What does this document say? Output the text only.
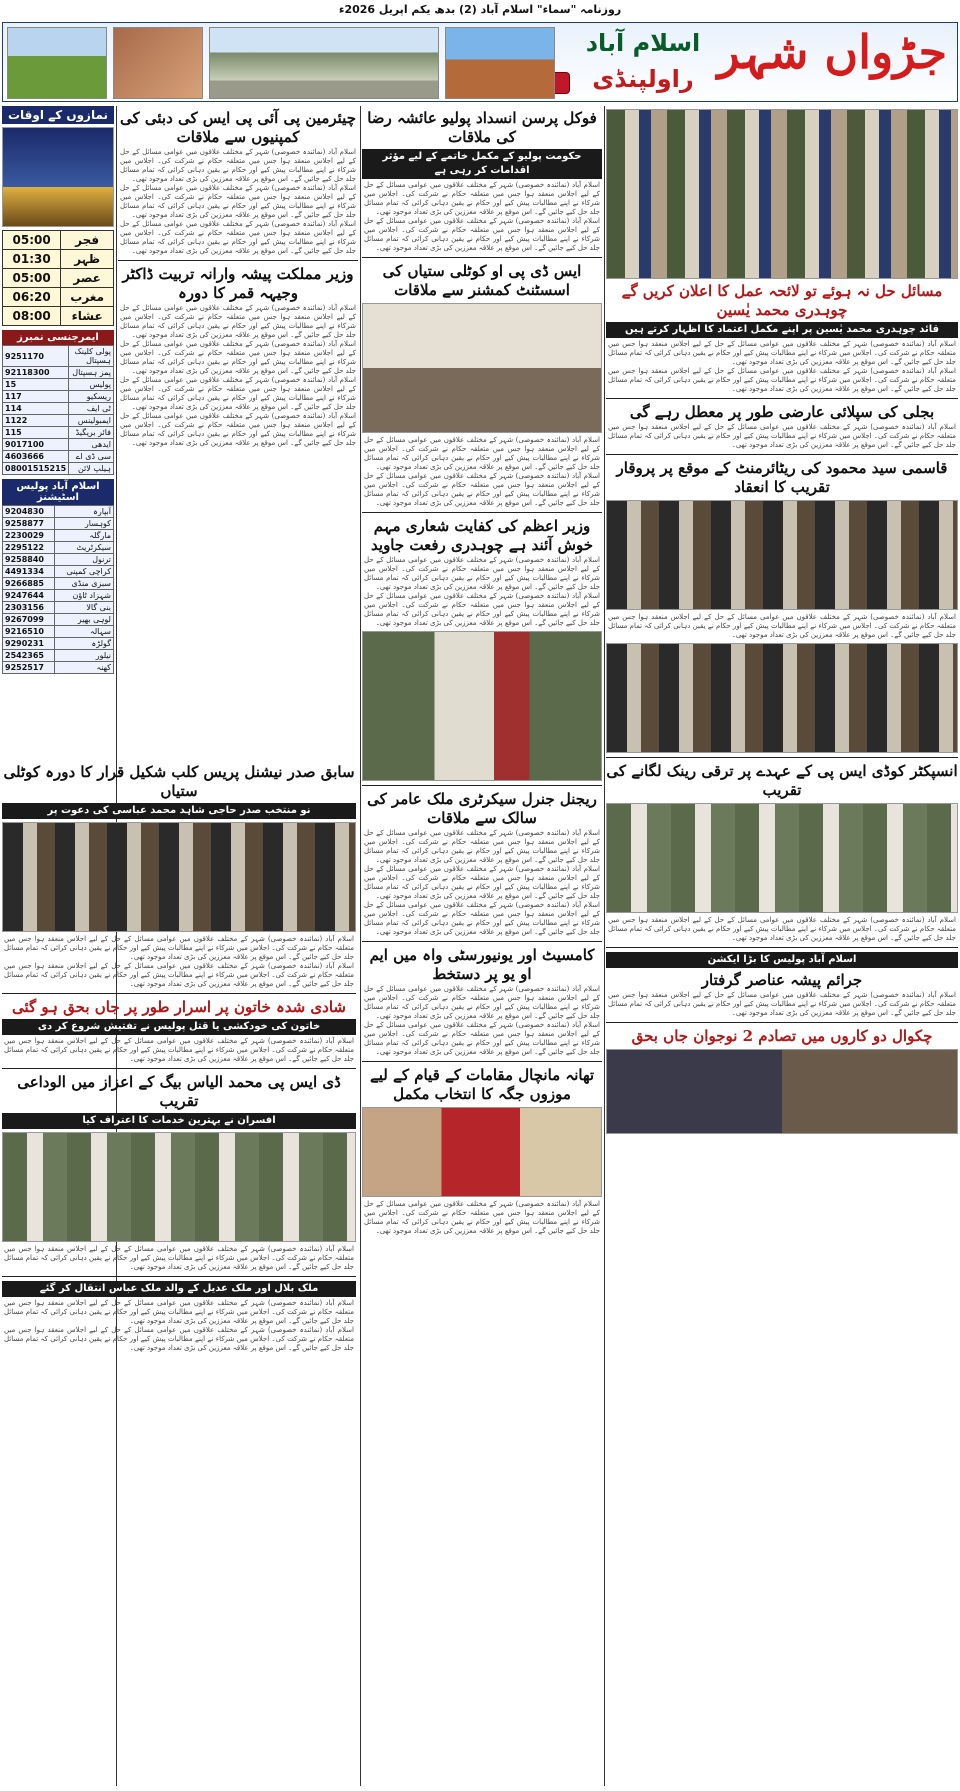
روزنامہ "سماء" اسلام آباد (2) بدھ یکم اپریل 2026ء
اسلام آباد
راولپنڈی جڑواں شہر
نمازوں کے اوقات
فجر	05:00
ظہر	01:30
عصر	05:00
مغرب	06:20
عشاء	08:00
ایمرجنسی نمبرز
پولی کلینک ہسپتال	9251170
پمز ہسپتال	92118300
پولیس	15
ریسکیو	117
ٹی ایف	114
ایمبولینس	1122
فائر بریگیڈ	115
ایدھی	9017100
سی ڈی اے	4603666
ہیلپ لائن	08001515215
اسلام آباد پولیس اسٹیشنز
آبپارہ	9204830
کوہسار	9258877
مارگلہ	2230029
سیکرٹریٹ	2295122
ترنول	9258840
کراچی کمپنی	4491334
سبزی منڈی	9266885
شہزاد ٹاؤن	9247644
بنی گالا	2303156
لوہی بھیر	9267099
سہالہ	9216510
گولڑہ	9290231
نیلور	2542365
کھنہ	9252517
سابق صدر نیشنل پریس کلب شکیل قرار کا دورہ کوٹلی ستیاں
نو منتخب صدر حاجی شاہد محمد عباسی کی دعوت پر

اسلام آباد (نمائندہ خصوصی) شہر کے مختلف علاقوں میں عوامی مسائل کے حل کے لیے اجلاس منعقد ہوا جس میں متعلقہ حکام نے شرکت کی۔ اجلاس میں شرکاء نے اپنے مطالبات پیش کیے اور حکام نے یقین دہانی کرائی کہ تمام مسائل جلد حل کیے جائیں گے۔ اس موقع پر علاقہ معززین کی بڑی تعداد موجود تھی۔

اسلام آباد (نمائندہ خصوصی) شہر کے مختلف علاقوں میں عوامی مسائل کے حل کے لیے اجلاس منعقد ہوا جس میں متعلقہ حکام نے شرکت کی۔ اجلاس میں شرکاء نے اپنے مطالبات پیش کیے اور حکام نے یقین دہانی کرائی کہ تمام مسائل جلد حل کیے جائیں گے۔ اس موقع پر علاقہ معززین کی بڑی تعداد موجود تھی۔

شادی شدہ خاتون پر اسرار طور پر جاں بحق ہو گئی
خاتون کی خودکشی یا قتل پولیس نے تفتیش شروع کر دی

اسلام آباد (نمائندہ خصوصی) شہر کے مختلف علاقوں میں عوامی مسائل کے حل کے لیے اجلاس منعقد ہوا جس میں متعلقہ حکام نے شرکت کی۔ اجلاس میں شرکاء نے اپنے مطالبات پیش کیے اور حکام نے یقین دہانی کرائی کہ تمام مسائل جلد حل کیے جائیں گے۔ اس موقع پر علاقہ معززین کی بڑی تعداد موجود تھی۔

ڈی ایس پی محمد الیاس بیگ کے اعزاز میں الوداعی تقریب
افسران نے بہترین خدمات کا اعتراف کیا

اسلام آباد (نمائندہ خصوصی) شہر کے مختلف علاقوں میں عوامی مسائل کے حل کے لیے اجلاس منعقد ہوا جس میں متعلقہ حکام نے شرکت کی۔ اجلاس میں شرکاء نے اپنے مطالبات پیش کیے اور حکام نے یقین دہانی کرائی کہ تمام مسائل جلد حل کیے جائیں گے۔ اس موقع پر علاقہ معززین کی بڑی تعداد موجود تھی۔

ملک بلال اور ملک عدیل کے والد ملک عباس انتقال کر گئے

اسلام آباد (نمائندہ خصوصی) شہر کے مختلف علاقوں میں عوامی مسائل کے حل کے لیے اجلاس منعقد ہوا جس میں متعلقہ حکام نے شرکت کی۔ اجلاس میں شرکاء نے اپنے مطالبات پیش کیے اور حکام نے یقین دہانی کرائی کہ تمام مسائل جلد حل کیے جائیں گے۔ اس موقع پر علاقہ معززین کی بڑی تعداد موجود تھی۔

اسلام آباد (نمائندہ خصوصی) شہر کے مختلف علاقوں میں عوامی مسائل کے حل کے لیے اجلاس منعقد ہوا جس میں متعلقہ حکام نے شرکت کی۔ اجلاس میں شرکاء نے اپنے مطالبات پیش کیے اور حکام نے یقین دہانی کرائی کہ تمام مسائل جلد حل کیے جائیں گے۔ اس موقع پر علاقہ معززین کی بڑی تعداد موجود تھی۔

چیئرمین پی آئی پی ایس کی دبئی کی کمپنیوں سے ملاقات

اسلام آباد (نمائندہ خصوصی) شہر کے مختلف علاقوں میں عوامی مسائل کے حل کے لیے اجلاس منعقد ہوا جس میں متعلقہ حکام نے شرکت کی۔ اجلاس میں شرکاء نے اپنے مطالبات پیش کیے اور حکام نے یقین دہانی کرائی کہ تمام مسائل جلد حل کیے جائیں گے۔ اس موقع پر علاقہ معززین کی بڑی تعداد موجود تھی۔

اسلام آباد (نمائندہ خصوصی) شہر کے مختلف علاقوں میں عوامی مسائل کے حل کے لیے اجلاس منعقد ہوا جس میں متعلقہ حکام نے شرکت کی۔ اجلاس میں شرکاء نے اپنے مطالبات پیش کیے اور حکام نے یقین دہانی کرائی کہ تمام مسائل جلد حل کیے جائیں گے۔ اس موقع پر علاقہ معززین کی بڑی تعداد موجود تھی۔

اسلام آباد (نمائندہ خصوصی) شہر کے مختلف علاقوں میں عوامی مسائل کے حل کے لیے اجلاس منعقد ہوا جس میں متعلقہ حکام نے شرکت کی۔ اجلاس میں شرکاء نے اپنے مطالبات پیش کیے اور حکام نے یقین دہانی کرائی کہ تمام مسائل جلد حل کیے جائیں گے۔ اس موقع پر علاقہ معززین کی بڑی تعداد موجود تھی۔

وزیر مملکت پیشہ وارانہ تربیت ڈاکٹر وجیہہ قمر کا دورہ

اسلام آباد (نمائندہ خصوصی) شہر کے مختلف علاقوں میں عوامی مسائل کے حل کے لیے اجلاس منعقد ہوا جس میں متعلقہ حکام نے شرکت کی۔ اجلاس میں شرکاء نے اپنے مطالبات پیش کیے اور حکام نے یقین دہانی کرائی کہ تمام مسائل جلد حل کیے جائیں گے۔ اس موقع پر علاقہ معززین کی بڑی تعداد موجود تھی۔

اسلام آباد (نمائندہ خصوصی) شہر کے مختلف علاقوں میں عوامی مسائل کے حل کے لیے اجلاس منعقد ہوا جس میں متعلقہ حکام نے شرکت کی۔ اجلاس میں شرکاء نے اپنے مطالبات پیش کیے اور حکام نے یقین دہانی کرائی کہ تمام مسائل جلد حل کیے جائیں گے۔ اس موقع پر علاقہ معززین کی بڑی تعداد موجود تھی۔

اسلام آباد (نمائندہ خصوصی) شہر کے مختلف علاقوں میں عوامی مسائل کے حل کے لیے اجلاس منعقد ہوا جس میں متعلقہ حکام نے شرکت کی۔ اجلاس میں شرکاء نے اپنے مطالبات پیش کیے اور حکام نے یقین دہانی کرائی کہ تمام مسائل جلد حل کیے جائیں گے۔ اس موقع پر علاقہ معززین کی بڑی تعداد موجود تھی۔

اسلام آباد (نمائندہ خصوصی) شہر کے مختلف علاقوں میں عوامی مسائل کے حل کے لیے اجلاس منعقد ہوا جس میں متعلقہ حکام نے شرکت کی۔ اجلاس میں شرکاء نے اپنے مطالبات پیش کیے اور حکام نے یقین دہانی کرائی کہ تمام مسائل جلد حل کیے جائیں گے۔ اس موقع پر علاقہ معززین کی بڑی تعداد موجود تھی۔

فوکل پرسن انسداد پولیو عائشہ رضا کی ملاقات
حکومت پولیو کے مکمل خاتمے کے لیے مؤثر اقدامات کر رہی ہے

اسلام آباد (نمائندہ خصوصی) شہر کے مختلف علاقوں میں عوامی مسائل کے حل کے لیے اجلاس منعقد ہوا جس میں متعلقہ حکام نے شرکت کی۔ اجلاس میں شرکاء نے اپنے مطالبات پیش کیے اور حکام نے یقین دہانی کرائی کہ تمام مسائل جلد حل کیے جائیں گے۔ اس موقع پر علاقہ معززین کی بڑی تعداد موجود تھی۔

اسلام آباد (نمائندہ خصوصی) شہر کے مختلف علاقوں میں عوامی مسائل کے حل کے لیے اجلاس منعقد ہوا جس میں متعلقہ حکام نے شرکت کی۔ اجلاس میں شرکاء نے اپنے مطالبات پیش کیے اور حکام نے یقین دہانی کرائی کہ تمام مسائل جلد حل کیے جائیں گے۔ اس موقع پر علاقہ معززین کی بڑی تعداد موجود تھی۔

ایس ڈی پی او کوٹلی ستیاں کی اسسٹنٹ کمشنر سے ملاقات

اسلام آباد (نمائندہ خصوصی) شہر کے مختلف علاقوں میں عوامی مسائل کے حل کے لیے اجلاس منعقد ہوا جس میں متعلقہ حکام نے شرکت کی۔ اجلاس میں شرکاء نے اپنے مطالبات پیش کیے اور حکام نے یقین دہانی کرائی کہ تمام مسائل جلد حل کیے جائیں گے۔ اس موقع پر علاقہ معززین کی بڑی تعداد موجود تھی۔

اسلام آباد (نمائندہ خصوصی) شہر کے مختلف علاقوں میں عوامی مسائل کے حل کے لیے اجلاس منعقد ہوا جس میں متعلقہ حکام نے شرکت کی۔ اجلاس میں شرکاء نے اپنے مطالبات پیش کیے اور حکام نے یقین دہانی کرائی کہ تمام مسائل جلد حل کیے جائیں گے۔ اس موقع پر علاقہ معززین کی بڑی تعداد موجود تھی۔

وزیر اعظم کی کفایت شعاری مہم خوش آئند ہے چوہدری رفعت جاوید

اسلام آباد (نمائندہ خصوصی) شہر کے مختلف علاقوں میں عوامی مسائل کے حل کے لیے اجلاس منعقد ہوا جس میں متعلقہ حکام نے شرکت کی۔ اجلاس میں شرکاء نے اپنے مطالبات پیش کیے اور حکام نے یقین دہانی کرائی کہ تمام مسائل جلد حل کیے جائیں گے۔ اس موقع پر علاقہ معززین کی بڑی تعداد موجود تھی۔

اسلام آباد (نمائندہ خصوصی) شہر کے مختلف علاقوں میں عوامی مسائل کے حل کے لیے اجلاس منعقد ہوا جس میں متعلقہ حکام نے شرکت کی۔ اجلاس میں شرکاء نے اپنے مطالبات پیش کیے اور حکام نے یقین دہانی کرائی کہ تمام مسائل جلد حل کیے جائیں گے۔ اس موقع پر علاقہ معززین کی بڑی تعداد موجود تھی۔

ریجنل جنرل سیکرٹری ملک عامر کی سالک سے ملاقات

اسلام آباد (نمائندہ خصوصی) شہر کے مختلف علاقوں میں عوامی مسائل کے حل کے لیے اجلاس منعقد ہوا جس میں متعلقہ حکام نے شرکت کی۔ اجلاس میں شرکاء نے اپنے مطالبات پیش کیے اور حکام نے یقین دہانی کرائی کہ تمام مسائل جلد حل کیے جائیں گے۔ اس موقع پر علاقہ معززین کی بڑی تعداد موجود تھی۔

اسلام آباد (نمائندہ خصوصی) شہر کے مختلف علاقوں میں عوامی مسائل کے حل کے لیے اجلاس منعقد ہوا جس میں متعلقہ حکام نے شرکت کی۔ اجلاس میں شرکاء نے اپنے مطالبات پیش کیے اور حکام نے یقین دہانی کرائی کہ تمام مسائل جلد حل کیے جائیں گے۔ اس موقع پر علاقہ معززین کی بڑی تعداد موجود تھی۔

اسلام آباد (نمائندہ خصوصی) شہر کے مختلف علاقوں میں عوامی مسائل کے حل کے لیے اجلاس منعقد ہوا جس میں متعلقہ حکام نے شرکت کی۔ اجلاس میں شرکاء نے اپنے مطالبات پیش کیے اور حکام نے یقین دہانی کرائی کہ تمام مسائل جلد حل کیے جائیں گے۔ اس موقع پر علاقہ معززین کی بڑی تعداد موجود تھی۔

کامسیٹ اور یونیورسٹی واہ میں ایم او یو پر دستخط

اسلام آباد (نمائندہ خصوصی) شہر کے مختلف علاقوں میں عوامی مسائل کے حل کے لیے اجلاس منعقد ہوا جس میں متعلقہ حکام نے شرکت کی۔ اجلاس میں شرکاء نے اپنے مطالبات پیش کیے اور حکام نے یقین دہانی کرائی کہ تمام مسائل جلد حل کیے جائیں گے۔ اس موقع پر علاقہ معززین کی بڑی تعداد موجود تھی۔

اسلام آباد (نمائندہ خصوصی) شہر کے مختلف علاقوں میں عوامی مسائل کے حل کے لیے اجلاس منعقد ہوا جس میں متعلقہ حکام نے شرکت کی۔ اجلاس میں شرکاء نے اپنے مطالبات پیش کیے اور حکام نے یقین دہانی کرائی کہ تمام مسائل جلد حل کیے جائیں گے۔ اس موقع پر علاقہ معززین کی بڑی تعداد موجود تھی۔

تھانہ مانچال مقامات کے قیام کے لیے موزوں جگہ کا انتخاب مکمل

اسلام آباد (نمائندہ خصوصی) شہر کے مختلف علاقوں میں عوامی مسائل کے حل کے لیے اجلاس منعقد ہوا جس میں متعلقہ حکام نے شرکت کی۔ اجلاس میں شرکاء نے اپنے مطالبات پیش کیے اور حکام نے یقین دہانی کرائی کہ تمام مسائل جلد حل کیے جائیں گے۔ اس موقع پر علاقہ معززین کی بڑی تعداد موجود تھی۔

مسائل حل نہ ہوئے تو لائحہ عمل کا اعلان کریں گے چوہدری محمد یٰسین
قائد چوہدری محمد یٰسین پر اپنے مکمل اعتماد کا اظہار کرتے ہیں

اسلام آباد (نمائندہ خصوصی) شہر کے مختلف علاقوں میں عوامی مسائل کے حل کے لیے اجلاس منعقد ہوا جس میں متعلقہ حکام نے شرکت کی۔ اجلاس میں شرکاء نے اپنے مطالبات پیش کیے اور حکام نے یقین دہانی کرائی کہ تمام مسائل جلد حل کیے جائیں گے۔ اس موقع پر علاقہ معززین کی بڑی تعداد موجود تھی۔

اسلام آباد (نمائندہ خصوصی) شہر کے مختلف علاقوں میں عوامی مسائل کے حل کے لیے اجلاس منعقد ہوا جس میں متعلقہ حکام نے شرکت کی۔ اجلاس میں شرکاء نے اپنے مطالبات پیش کیے اور حکام نے یقین دہانی کرائی کہ تمام مسائل جلد حل کیے جائیں گے۔ اس موقع پر علاقہ معززین کی بڑی تعداد موجود تھی۔

بجلی کی سپلائی عارضی طور پر معطل رہے گی

اسلام آباد (نمائندہ خصوصی) شہر کے مختلف علاقوں میں عوامی مسائل کے حل کے لیے اجلاس منعقد ہوا جس میں متعلقہ حکام نے شرکت کی۔ اجلاس میں شرکاء نے اپنے مطالبات پیش کیے اور حکام نے یقین دہانی کرائی کہ تمام مسائل جلد حل کیے جائیں گے۔ اس موقع پر علاقہ معززین کی بڑی تعداد موجود تھی۔

قاسمی سید محمود کی ریٹائرمنٹ کے موقع پر پروقار تقریب کا انعقاد

اسلام آباد (نمائندہ خصوصی) شہر کے مختلف علاقوں میں عوامی مسائل کے حل کے لیے اجلاس منعقد ہوا جس میں متعلقہ حکام نے شرکت کی۔ اجلاس میں شرکاء نے اپنے مطالبات پیش کیے اور حکام نے یقین دہانی کرائی کہ تمام مسائل جلد حل کیے جائیں گے۔ اس موقع پر علاقہ معززین کی بڑی تعداد موجود تھی۔

انسپکٹر کوڈی ایس پی کے عہدے پر ترقی رینک لگانے کی تقریب

اسلام آباد (نمائندہ خصوصی) شہر کے مختلف علاقوں میں عوامی مسائل کے حل کے لیے اجلاس منعقد ہوا جس میں متعلقہ حکام نے شرکت کی۔ اجلاس میں شرکاء نے اپنے مطالبات پیش کیے اور حکام نے یقین دہانی کرائی کہ تمام مسائل جلد حل کیے جائیں گے۔ اس موقع پر علاقہ معززین کی بڑی تعداد موجود تھی۔

اسلام آباد پولیس کا بڑا ایکشن
جرائم پیشہ عناصر گرفتار

اسلام آباد (نمائندہ خصوصی) شہر کے مختلف علاقوں میں عوامی مسائل کے حل کے لیے اجلاس منعقد ہوا جس میں متعلقہ حکام نے شرکت کی۔ اجلاس میں شرکاء نے اپنے مطالبات پیش کیے اور حکام نے یقین دہانی کرائی کہ تمام مسائل جلد حل کیے جائیں گے۔ اس موقع پر علاقہ معززین کی بڑی تعداد موجود تھی۔

چکوال دو کاروں میں تصادم 2 نوجوان جاں بحق
